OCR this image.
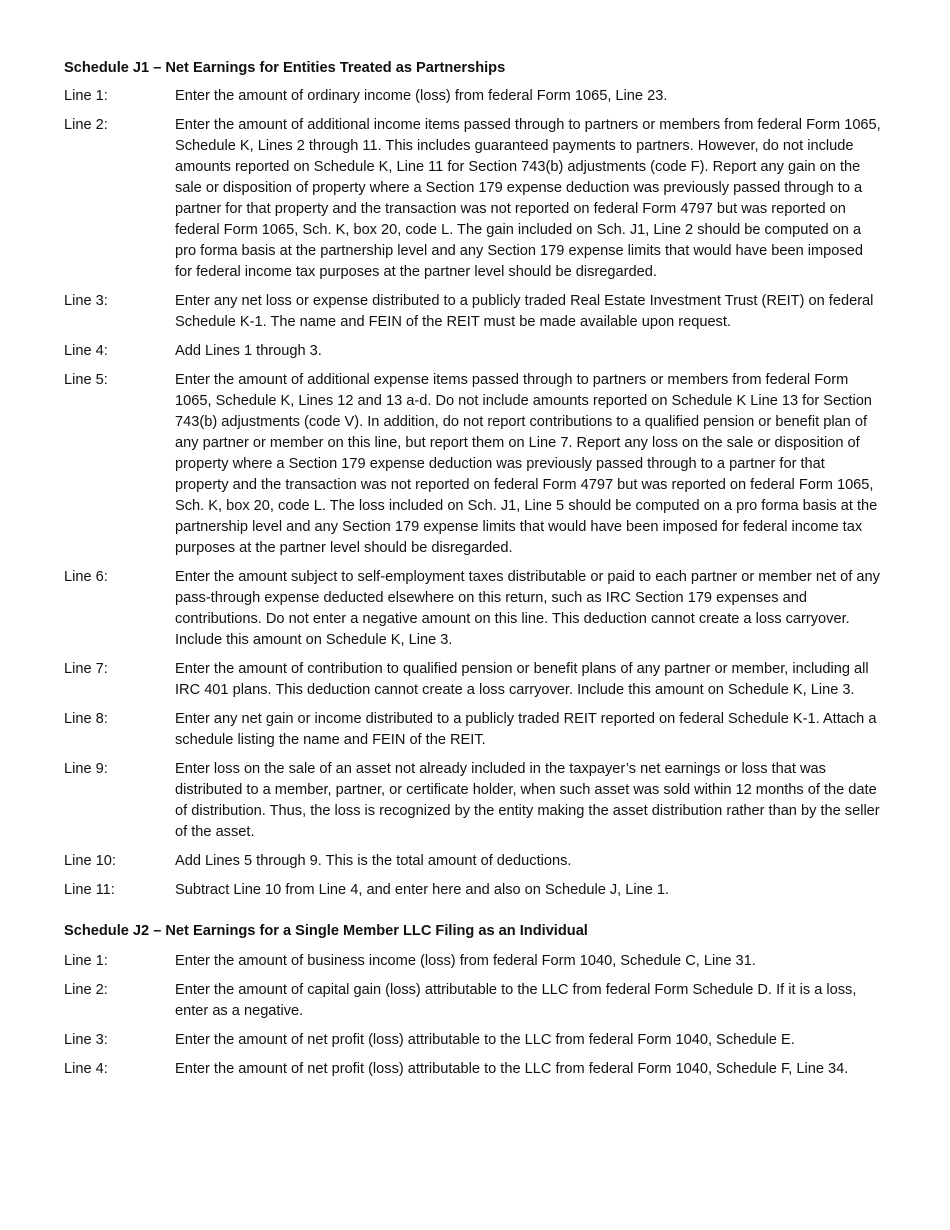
Schedule J1 – Net Earnings for Entities Treated as Partnerships
Line 1:	Enter the amount of ordinary income (loss) from federal Form 1065, Line 23.
Line 2:	Enter the amount of additional income items passed through to partners or members from federal Form 1065, Schedule K, Lines 2 through 11. This includes guaranteed payments to partners. However, do not include amounts reported on Schedule K, Line 11 for Section 743(b) adjustments (code F). Report any gain on the sale or disposition of property where a Section 179 expense deduction was previously passed through to a partner for that property and the transaction was not reported on federal Form 4797 but was reported on federal Form 1065, Sch. K, box 20, code L. The gain included on Sch. J1, Line 2 should be computed on a pro forma basis at the partnership level and any Section 179 expense limits that would have been imposed for federal income tax purposes at the partner level should be disregarded.
Line 3:	Enter any net loss or expense distributed to a publicly traded Real Estate Investment Trust (REIT) on federal Schedule K-1. The name and FEIN of the REIT must be made available upon request.
Line 4:	Add Lines 1 through 3.
Line 5:	Enter the amount of additional expense items passed through to partners or members from federal Form 1065, Schedule K, Lines 12 and 13 a-d. Do not include amounts reported on Schedule K Line 13 for Section 743(b) adjustments (code V). In addition, do not report contributions to a qualified pension or benefit plan of any partner or member on this line, but report them on Line 7. Report any loss on the sale or disposition of property where a Section 179 expense deduction was previously passed through to a partner for that property and the transaction was not reported on federal Form 4797 but was reported on federal Form 1065, Sch. K, box 20, code L. The loss included on Sch. J1, Line 5 should be computed on a pro forma basis at the partnership level and any Section 179 expense limits that would have been imposed for federal income tax purposes at the partner level should be disregarded.
Line 6:	Enter the amount subject to self-employment taxes distributable or paid to each partner or member net of any pass-through expense deducted elsewhere on this return, such as IRC Section 179 expenses and contributions. Do not enter a negative amount on this line. This deduction cannot create a loss carryover. Include this amount on Schedule K, Line 3.
Line 7:	Enter the amount of contribution to qualified pension or benefit plans of any partner or member, including all IRC 401 plans. This deduction cannot create a loss carryover. Include this amount on Schedule K, Line 3.
Line 8:	Enter any net gain or income distributed to a publicly traded REIT reported on federal Schedule K-1. Attach a schedule listing the name and FEIN of the REIT.
Line 9:	Enter loss on the sale of an asset not already included in the taxpayer’s net earnings or loss that was distributed to a member, partner, or certificate holder, when such asset was sold within 12 months of the date of distribution. Thus, the loss is recognized by the entity making the asset distribution rather than by the seller of the asset.
Line 10:	Add Lines 5 through 9. This is the total amount of deductions.
Line 11:	Subtract Line 10 from Line 4, and enter here and also on Schedule J, Line 1.
Schedule J2 – Net Earnings for a Single Member LLC Filing as an Individual
Line 1:	Enter the amount of business income (loss) from federal Form 1040, Schedule C, Line 31.
Line 2:	Enter the amount of capital gain (loss) attributable to the LLC from federal Form Schedule D. If it is a loss, enter as a negative.
Line 3:	Enter the amount of net profit (loss) attributable to the LLC from federal Form 1040, Schedule E.
Line 4:	Enter the amount of net profit (loss) attributable to the LLC from federal Form 1040, Schedule F, Line 34.
